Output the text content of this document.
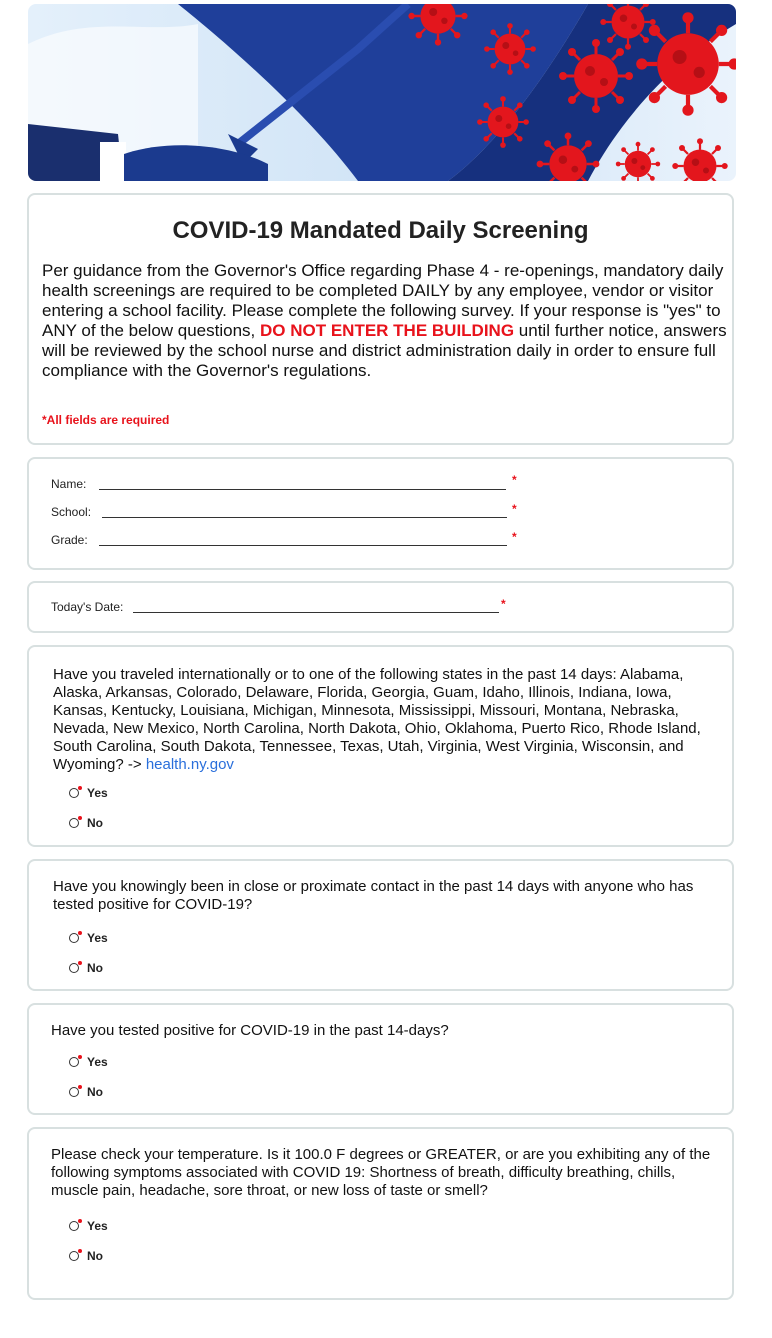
COVID-19 Mandated Daily Screening
Per guidance from the Governor's Office regarding Phase 4 - re-openings, mandatory daily health screenings are required to be completed DAILY by any employee, vendor or visitor entering a school facility. Please complete the following survey. If your response is "yes" to ANY of the below questions, DO NOT ENTER THE BUILDING until further notice, answers will be reviewed by the school nurse and district administration daily in order to ensure full compliance with the Governor's regulations.
*All fields are required
Name:	*
School:	*
Grade:	*
Today's Date:	*
Have you traveled internationally or to one of the following states in the past 14 days: Alabama, Alaska, Arkansas, Colorado, Delaware, Florida, Georgia, Guam, Idaho, Illinois, Indiana, Iowa, Kansas, Kentucky, Louisiana, Michigan, Minnesota, Mississippi, Missouri, Montana, Nebraska, Nevada, New Mexico, North Carolina, North Dakota, Ohio, Oklahoma, Puerto Rico, Rhode Island, South Carolina, South Dakota, Tennessee, Texas, Utah, Virginia, West Virginia, Wisconsin, and Wyoming? -> health.ny.gov
Yes
No
Have you knowingly been in close or proximate contact in the past 14 days with anyone who has tested positive for COVID-19?
Yes
No
Have you tested positive for COVID-19 in the past 14-days?
Yes
No
Please check your temperature. Is it 100.0 F degrees or GREATER, or are you exhibiting any of the following symptoms associated with COVID 19: Shortness of breath, difficulty breathing, chills, muscle pain, headache, sore throat, or new loss of taste or smell?
Yes
No
